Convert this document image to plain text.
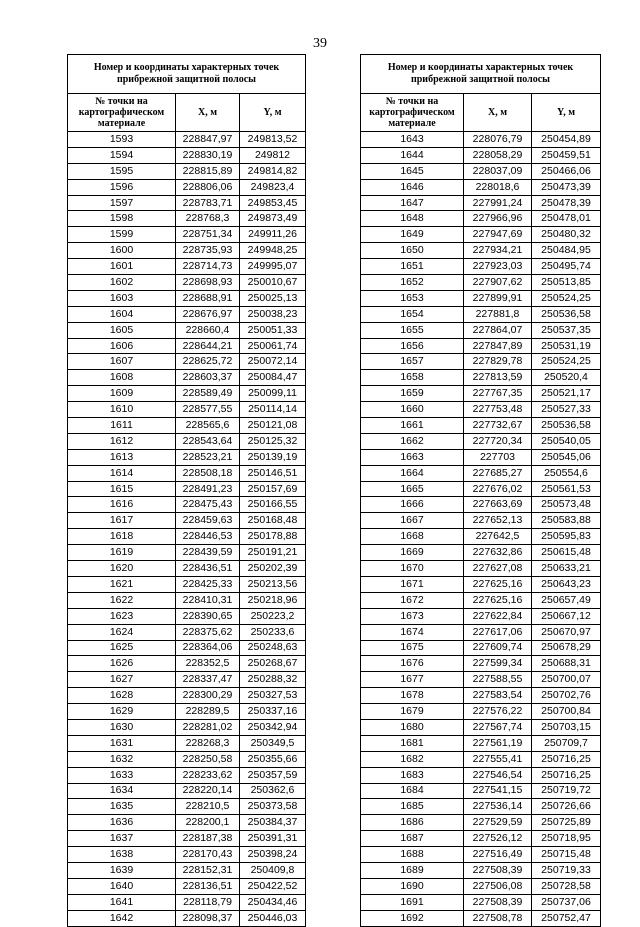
39
Номер и координаты характерных точек прибрежной защитной полосы		
№ точки на картографическом материале	X, м	Y, м
1593	228847,97	249813,52
1594	228830,19	249812
1595	228815,89	249814,82
1596	228806,06	249823,4
1597	228783,71	249853,45
1598	228768,3	249873,49
1599	228751,34	249911,26
1600	228735,93	249948,25
1601	228714,73	249995,07
1602	228698,93	250010,67
1603	228688,91	250025,13
1604	228676,97	250038,23
1605	228660,4	250051,33
1606	228644,21	250061,74
1607	228625,72	250072,14
1608	228603,37	250084,47
1609	228589,49	250099,11
1610	228577,55	250114,14
1611	228565,6	250121,08
1612	228543,64	250125,32
1613	228523,21	250139,19
1614	228508,18	250146,51
1615	228491,23	250157,69
1616	228475,43	250166,55
1617	228459,63	250168,48
1618	228446,53	250178,88
1619	228439,59	250191,21
1620	228436,51	250202,39
1621	228425,33	250213,56
1622	228410,31	250218,96
1623	228390,65	250223,2
1624	228375,62	250233,6
1625	228364,06	250248,63
1626	228352,5	250268,67
1627	228337,47	250288,32
1628	228300,29	250327,53
1629	228289,5	250337,16
1630	228281,02	250342,94
1631	228268,3	250349,5
1632	228250,58	250355,66
1633	228233,62	250357,59
1634	228220,14	250362,6
1635	228210,5	250373,58
1636	228200,1	250384,37
1637	228187,38	250391,31
1638	228170,43	250398,24
1639	228152,31	250409,8
1640	228136,51	250422,52
1641	228118,79	250434,46
1642	228098,37	250446,03
Номер и координаты характерных точек прибрежной защитной полосы		
№ точки на картографическом материале	X, м	Y, м
1643	228076,79	250454,89
1644	228058,29	250459,51
1645	228037,09	250466,06
1646	228018,6	250473,39
1647	227991,24	250478,39
1648	227966,96	250478,01
1649	227947,69	250480,32
1650	227934,21	250484,95
1651	227923,03	250495,74
1652	227907,62	250513,85
1653	227899,91	250524,25
1654	227881,8	250536,58
1655	227864,07	250537,35
1656	227847,89	250531,19
1657	227829,78	250524,25
1658	227813,59	250520,4
1659	227767,35	250521,17
1660	227753,48	250527,33
1661	227732,67	250536,58
1662	227720,34	250540,05
1663	227703	250545,06
1664	227685,27	250554,6
1665	227676,02	250561,53
1666	227663,69	250573,48
1667	227652,13	250583,88
1668	227642,5	250595,83
1669	227632,86	250615,48
1670	227627,08	250633,21
1671	227625,16	250643,23
1672	227625,16	250657,49
1673	227622,84	250667,12
1674	227617,06	250670,97
1675	227609,74	250678,29
1676	227599,34	250688,31
1677	227588,55	250700,07
1678	227583,54	250702,76
1679	227576,22	250700,84
1680	227567,74	250703,15
1681	227561,19	250709,7
1682	227555,41	250716,25
1683	227546,54	250716,25
1684	227541,15	250719,72
1685	227536,14	250726,66
1686	227529,59	250725,89
1687	227526,12	250718,95
1688	227516,49	250715,48
1689	227508,39	250719,33
1690	227506,08	250728,58
1691	227508,39	250737,06
1692	227508,78	250752,47
